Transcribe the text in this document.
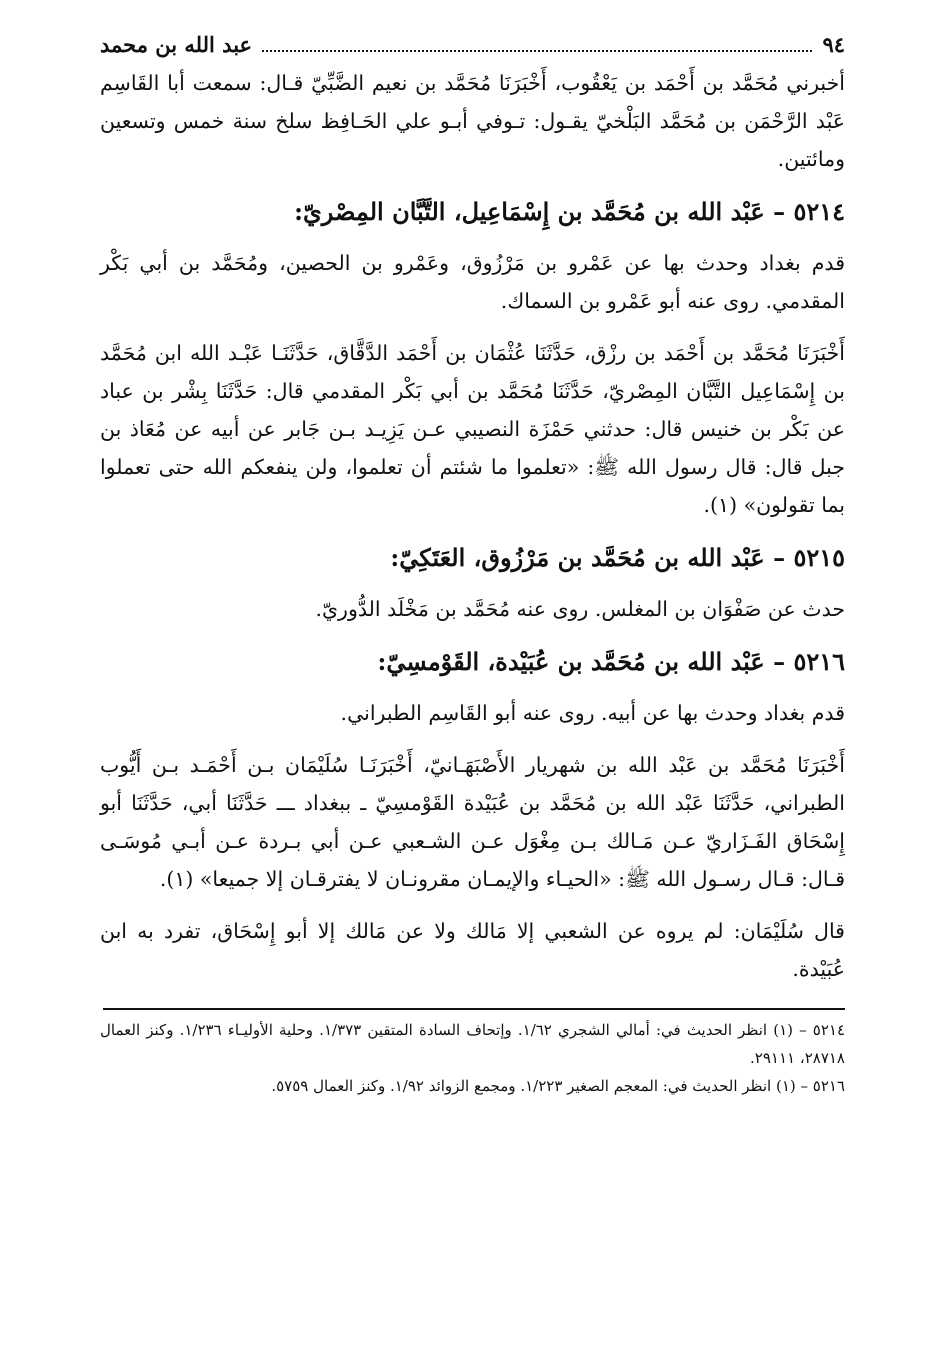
٩٤
عبد الله بن محمد

أخبرني مُحَمَّد بن أَحْمَد بن يَعْقُوب، أَخْبَرَنَا مُحَمَّد بن نعيم الضَّبِّيّ قـال: سمعت أبا القَاسِم عَبْد الرَّحْمَن بن مُحَمَّد البَلْخيّ يقـول: تـوفي أبـو علي الحَـافِظ سلخ سنة خمس وتسعين ومائتين.

٥٢١٤ – عَبْد الله بن مُحَمَّد بن إِسْمَاعِيل، التَّبَّان المِصْريّ:

قدم بغداد وحدث بها عن عَمْرو بن مَرْزُوق، وعَمْرو بن الحصين، ومُحَمَّد بن أبي بَكْر المقدمي. روى عنه أبو عَمْرو بن السماك.

أَخْبَرَنَا مُحَمَّد بن أَحْمَد بن رزْق، حَدَّثَنَا عُثْمَان بن أَحْمَد الدَّقَّاق، حَدَّثَنَـا عَبْـد الله ابن مُحَمَّد بن إِسْمَاعِيل التَّبَّان المِصْريّ، حَدَّثَنَا مُحَمَّد بن أبي بَكْر المقدمي قال: حَدَّثَنَا بِشْر بن عباد عن بَكْر بن خنيس قال: حدثني حَمْزَة النصيبي عـن يَزِيـد بـن جَابر عن أبيه عن مُعَاذ بن جبل قال: قال رسول الله ﷺ: «تعلموا ما شئتم أن تعلموا، ولن ينفعكم الله حتى تعملوا بما تقولون» (١).

٥٢١٥ – عَبْد الله بن مُحَمَّد بن مَرْزُوق، العَتَكِيّ:

حدث عن صَفْوَان بن المغلس. روى عنه مُحَمَّد بن مَخْلَد الدُّوريّ.

٥٢١٦ – عَبْد الله بن مُحَمَّد بن عُبَيْدة، القَوْمسِيّ:

قدم بغداد وحدث بها عن أبيه. روى عنه أبو القَاسِم الطبراني.

أَخْبَرَنَا مُحَمَّد بن عَبْد الله بن شهريار الأَصْبَهَـانيّ، أَخْبَرَنَـا سُلَيْمَان بـن أَحْمَـد بـن أَيُّوب الطبراني، حَدَّثَنَا عَبْد الله بن مُحَمَّد بن عُبَيْدة القَوْمسِيّ ـ ببغداد ـــ حَدَّثَنَا أبي، حَدَّثَنَا أبو إِسْحَاق الفَـزَاريّ عـن مَـالك بـن مِغْوَل عـن الشـعبي عـن أبي بـردة عـن أبـي مُوسَـى قـال: قـال رسـول الله ﷺ: «الحيـاء والإيمـان مقرونـان لا يفترقـان إلا جميعا» (١).

قال سُلَيْمَان: لم يروه عن الشعبي إلا مَالك ولا عن مَالك إلا أبو إِسْحَاق، تفرد به ابن عُبَيْدة.

٥٢١٤ – (١) انظر الحديث في: أمالي الشجري ١/٦٢. وإتحاف السادة المتقين ١/٣٧٣. وحلية الأوليـاء ١/٢٣٦. وكنز العمال ٢٨٧١٨، ٢٩١١١.

٥٢١٦ – (١) انظر الحديث في: المعجم الصغير ١/٢٢٣. ومجمع الزوائد ١/٩٢. وكنز العمال ٥٧٥٩.
